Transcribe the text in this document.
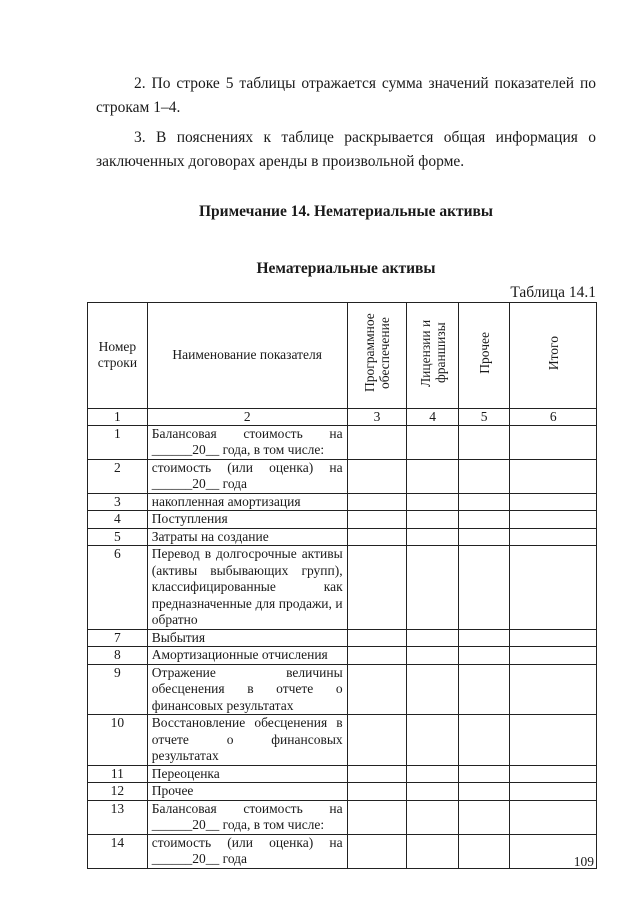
2. По строке 5 таблицы отражается сумма значений показателей по строкам 1–4.

3. В пояснениях к таблице раскрывается общая информация о заключенных договорах аренды в произвольной форме.

Примечание 14. Нематериальные активы
Нематериальные активы
Таблица 14.1
Номер строки	Наименование показателя	Программное обеспечение	Лицензии и франшизы	Прочее	Итого
1	2	3	4	5	6
1	Балансовая стоимость на ______20__ года, в том числе:				
2	стоимость (или оценка) на ______20__ года				
3	накопленная амортизация				
4	Поступления				
5	Затраты на создание				
6	Перевод в долгосрочные активы (активы выбывающих групп), классифицированные как предназначенные для продажи, и обратно				
7	Выбытия				
8	Амортизационные отчисления				
9	Отражение величины обесценения в отчете о финансовых результатах				
10	Восстановление обесценения в отчете о финансовых результатах				
11	Переоценка				
12	Прочее				
13	Балансовая стоимость на ______20__ года, в том числе:				
14	стоимость (или оценка) на ______20__ года					109
